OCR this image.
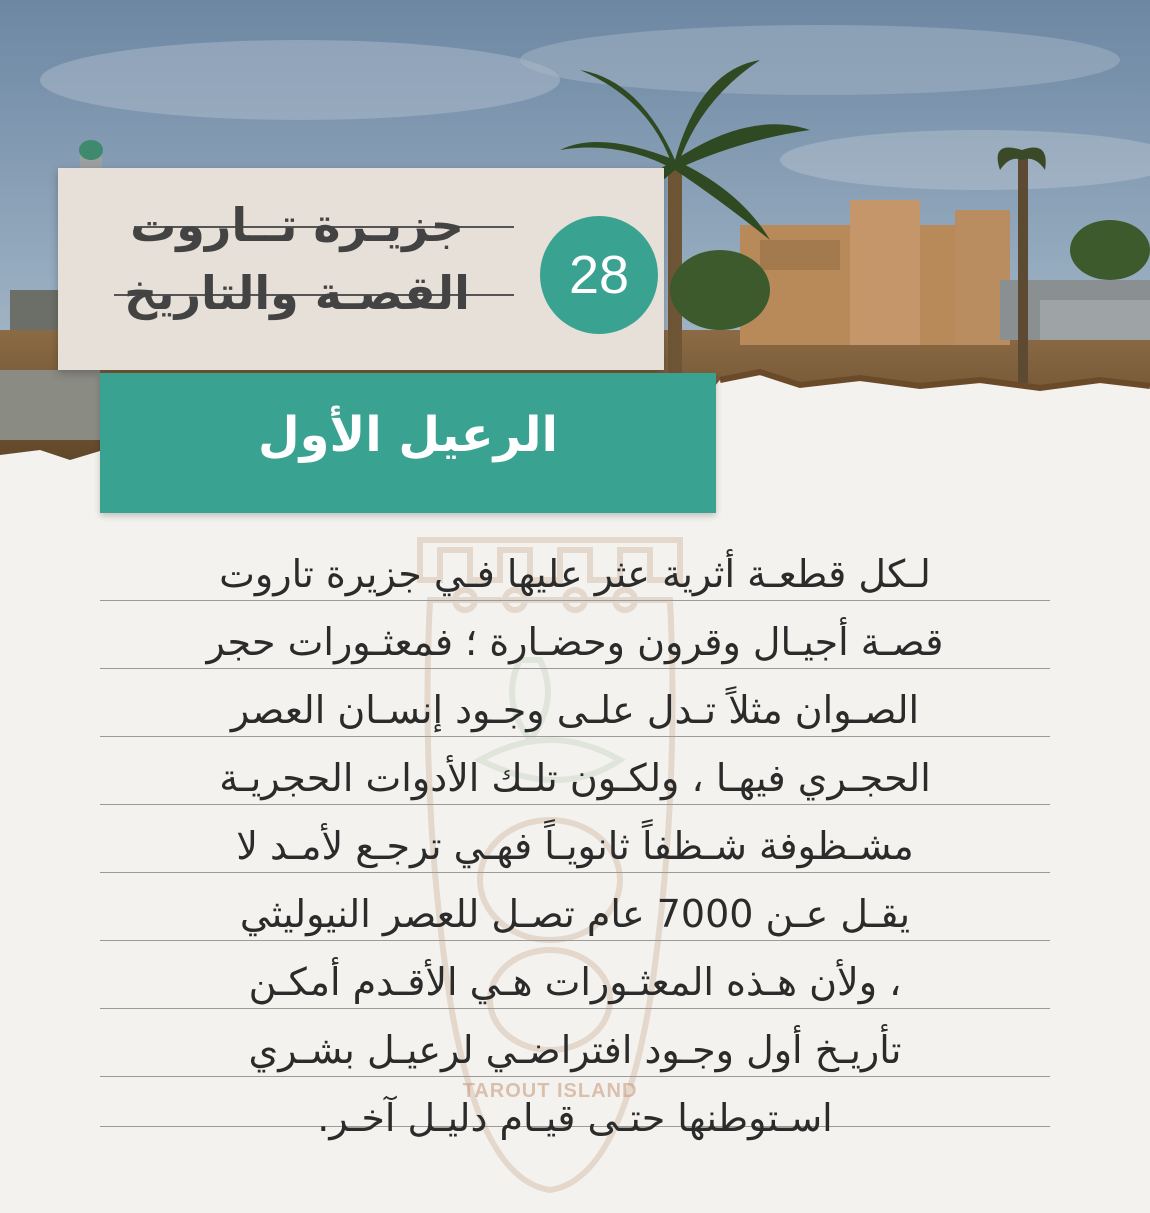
جزيـرة تــاروت
القصـة والتاريخ	28
الرعيل الأول
TAROUT ISLAND
لـكل قطعـة أثرية عثر عليها فـي جزيرة تاروت
قصـة أجيـال وقرون وحضـارة ؛ فمعثـورات حجر
الصـوان مثلاً تـدل علـى وجـود إنسـان العصر
الحجـري فيهـا ، ولكـون تلـك الأدوات الحجريـة
مشـظوفة شـظفاً ثانويـاً فهـي ترجـع لأمـد لا
يقـل عـن 7000 عام تصـل للعصر النيوليثي
، ولأن هـذه المعثـورات هـي الأقـدم أمكـن
تأريـخ أول وجـود افتراضـي لرعيـل بشـري
اسـتوطنها حتـى قيـام دليـل آخـر.
